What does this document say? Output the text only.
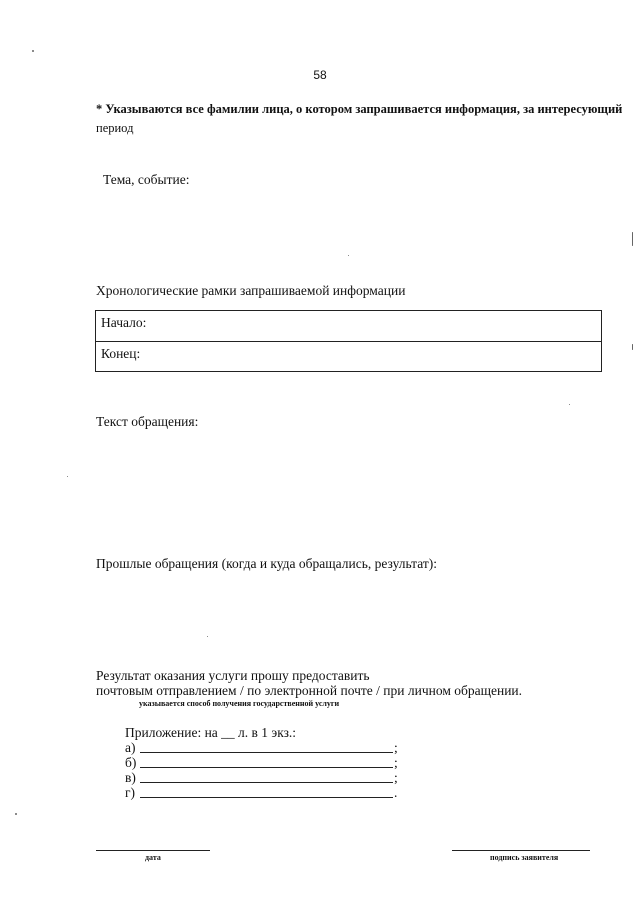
58
* Указываются все фамилии лица, о котором запрашивается информация, за интересующий
период
Тема, событие:
Хронологические рамки запрашиваемой информации
Начало:
Конец:
Текст обращения:
Прошлые обращения (когда и куда обращались, результат):
Результат оказания услуги прошу предоставить
почтовым отправлением / по электронной почте / при личном обращении.
указывается способ получения государственной услуги
Приложение: на __ л. в 1 экз.:
а)	;
б)	;
в)	;
г)	.
дата	подпись заявителя
